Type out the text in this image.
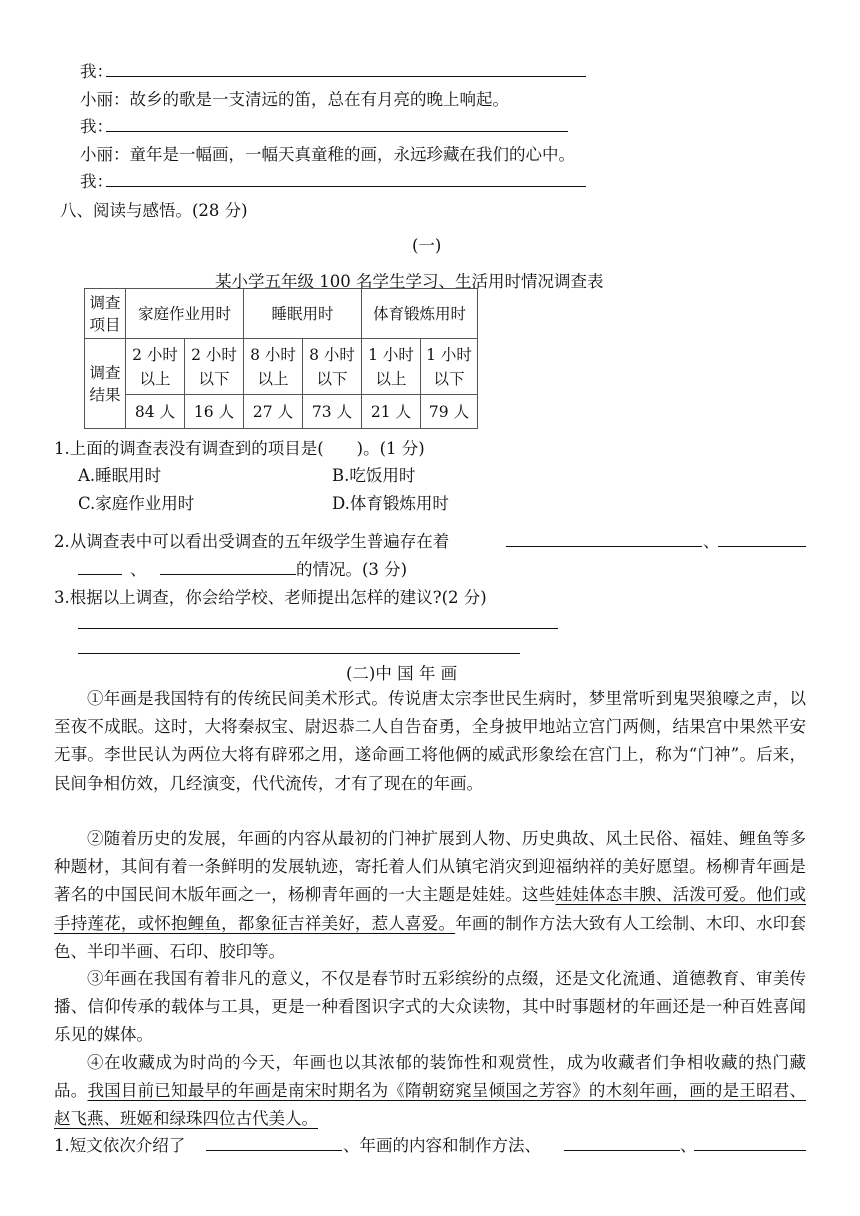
我：
小丽：故乡的歌是一支清远的笛，总在有月亮的晚上响起。
我：
小丽：童年是一幅画，一幅天真童稚的画，永远珍藏在我们的心中。
我：
八、阅读与感悟。(28 分)
(一)
某小学五年级 100 名学生学习、生活用时情况调查表
调查项目	家庭作业用时		睡眠用时		体育锻炼用时	
调查结果	2 小时以上	2 小时以下	8 小时以上	8 小时以下	1 小时以上	1 小时以下
	84 人	16 人	27 人	73 人	21 人	79 人
1.上面的调查表没有调查到的项目是(　　)。(1 分)
A.睡眠用时	B.吃饭用时
C.家庭作业用时	D.体育锻炼用时
2.从调查表中可以看出受调查的五年级学生普遍存在着	、
、	的情况。(3 分)
3.根据以上调查，你会给学校、老师提出怎样的建议?(2 分)
(二)中 国 年 画
①年画是我国特有的传统民间美术形式。传说唐太宗李世民生病时，梦里常听到鬼哭狼嚎之声，以至夜不成眠。这时，大将秦叔宝、尉迟恭二人自告奋勇，全身披甲地站立宫门两侧，结果宫中果然平安无事。李世民认为两位大将有辟邪之用，遂命画工将他俩的威武形象绘在宫门上，称为“门神”。后来，民间争相仿效，几经演变，代代流传，才有了现在的年画。
②随着历史的发展，年画的内容从最初的门神扩展到人物、历史典故、风土民俗、福娃、鲤鱼等多种题材，其间有着一条鲜明的发展轨迹，寄托着人们从镇宅消灾到迎福纳祥的美好愿望。杨柳青年画是著名的中国民间木版年画之一，杨柳青年画的一大主题是娃娃。这些娃娃体态丰腴、活泼可爱。他们或手持莲花，或怀抱鲤鱼，都象征吉祥美好，惹人喜爱。年画的制作方法大致有人工绘制、木印、水印套色、半印半画、石印、胶印等。
③年画在我国有着非凡的意义，不仅是春节时五彩缤纷的点缀，还是文化流通、道德教育、审美传播、信仰传承的载体与工具，更是一种看图识字式的大众读物，其中时事题材的年画还是一种百姓喜闻乐见的媒体。
④在收藏成为时尚的今天，年画也以其浓郁的装饰性和观赏性，成为收藏者们争相收藏的热门藏品。我国目前已知最早的年画是南宋时期名为《隋朝窈窕呈倾国之芳容》的木刻年画，画的是王昭君、赵飞燕、班姬和绿珠四位古代美人。
1.短文依次介绍了	、年画的内容和制作方法、	、
